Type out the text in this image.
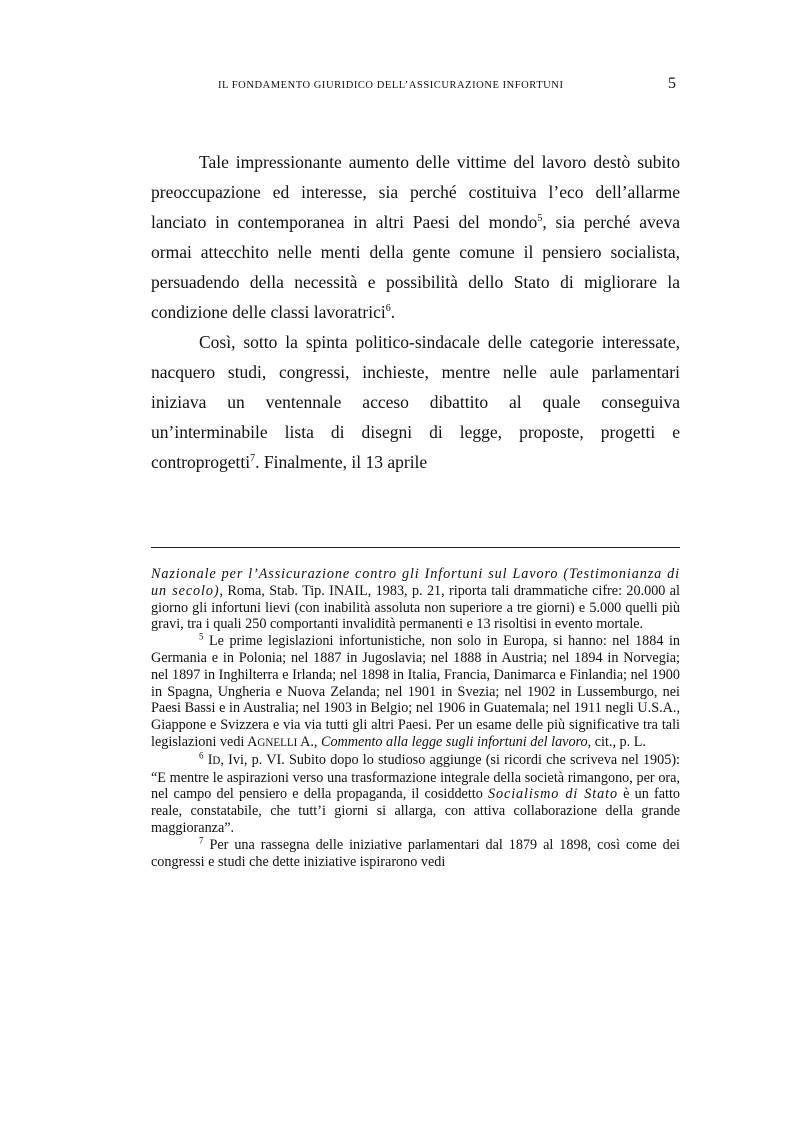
IL FONDAMENTO GIURIDICO DELL’ASSICURAZIONE INFORTUNI	5

Tale impressionante aumento delle vittime del lavoro destò subito preoccupazione ed interesse, sia perché costituiva l’eco dell’allarme lanciato in contemporanea in altri Paesi del mondo$^5$, sia perché aveva ormai attecchito nelle menti della gente comune il pensiero socialista, persuadendo della necessità e possibilità dello Stato di migliorare la condizione delle classi lavoratrici$^6$.

Così, sotto la spinta politico-sindacale delle categorie interessate, nacquero studi, congressi, inchieste, mentre nelle aule parlamentari iniziava un ventennale acceso dibattito al quale conseguiva un’interminabile lista di disegni di legge, proposte, progetti e controprogetti$^7$. Finalmente, il 13 aprile

Nazionale per l’Assicurazione contro gli Infortuni sul Lavoro (Testimonianza di un secolo), Roma, Stab. Tip. INAIL, 1983, p. 21, riporta tali drammatiche cifre: 20.000 al giorno gli infortuni lievi (con inabilità assoluta non superiore a tre giorni) e 5.000 quelli più gravi, tra i quali 250 comportanti invalidità permanenti e 13 risoltisi in evento mortale.

$^5$ Le prime legislazioni infortunistiche, non solo in Europa, si hanno: nel 1884 in Germania e in Polonia; nel 1887 in Jugoslavia; nel 1888 in Austria; nel 1894 in Norvegia; nel 1897 in Inghilterra e Irlanda; nel 1898 in Italia, Francia, Danimarca e Finlandia; nel 1900 in Spagna, Ungheria e Nuova Zelanda; nel 1901 in Svezia; nel 1902 in Lussemburgo, nei Paesi Bassi e in Australia; nel 1903 in Belgio; nel 1906 in Guatemala; nel 1911 negli U.S.A., Giappone e Svizzera e via via tutti gli altri Paesi. Per un esame delle più significative tra tali legislazioni vedi AGNELLI A., Commento alla legge sugli infortuni del lavoro, cit., p. L.

$^6$ ID, Ivi, p. VI. Subito dopo lo studioso aggiunge (si ricordi che scriveva nel 1905): “E mentre le aspirazioni verso una trasformazione integrale della società rimangono, per ora, nel campo del pensiero e della propaganda, il cosiddetto Socialismo di Stato è un fatto reale, constatabile, che tutt’i giorni si allarga, con attiva collaborazione della grande maggioranza”.

$^7$ Per una rassegna delle iniziative parlamentari dal 1879 al 1898, così come dei congressi e studi che dette iniziative ispirarono vedi
